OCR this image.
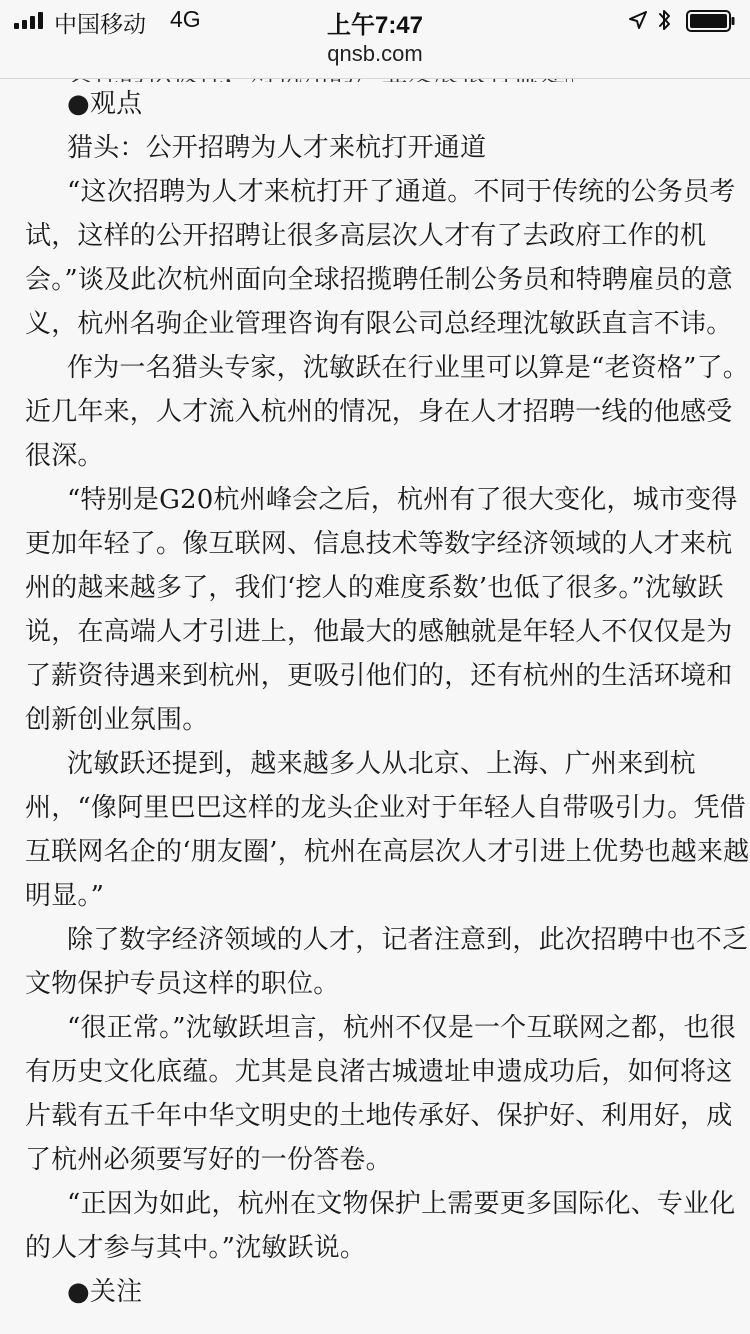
中国移动 4G	上午7:47
qnsb.com

●观点

猎头：公开招聘为人才来杭打开通道

“这次招聘为人才来杭打开了通道。不同于传统的公务员考试，这样的公开招聘让很多高层次人才有了去政府工作的机会。”谈及此次杭州面向全球招揽聘任制公务员和特聘雇员的意义，杭州名驹企业管理咨询有限公司总经理沈敏跃直言不讳。

作为一名猎头专家，沈敏跃在行业里可以算是“老资格”了。近几年来，人才流入杭州的情况，身在人才招聘一线的他感受很深。

“特别是G20杭州峰会之后，杭州有了很大变化，城市变得更加年轻了。像互联网、信息技术等数字经济领域的人才来杭州的越来越多了，我们‘挖人的难度系数’也低了很多。”沈敏跃说，在高端人才引进上，他最大的感触就是年轻人不仅仅是为了薪资待遇来到杭州，更吸引他们的，还有杭州的生活环境和创新创业氛围。

沈敏跃还提到，越来越多人从北京、上海、广州来到杭州，“像阿里巴巴这样的龙头企业对于年轻人自带吸引力。凭借互联网名企的‘朋友圈’，杭州在高层次人才引进上优势也越来越明显。”

除了数字经济领域的人才，记者注意到，此次招聘中也不乏文物保护专员这样的职位。

“很正常。”沈敏跃坦言，杭州不仅是一个互联网之都，也很有历史文化底蕴。尤其是良渚古城遗址申遗成功后，如何将这片载有五千年中华文明史的土地传承好、保护好、利用好，成了杭州必须要写好的一份答卷。

“正因为如此，杭州在文物保护上需要更多国际化、专业化的人才参与其中。”沈敏跃说。

●关注
